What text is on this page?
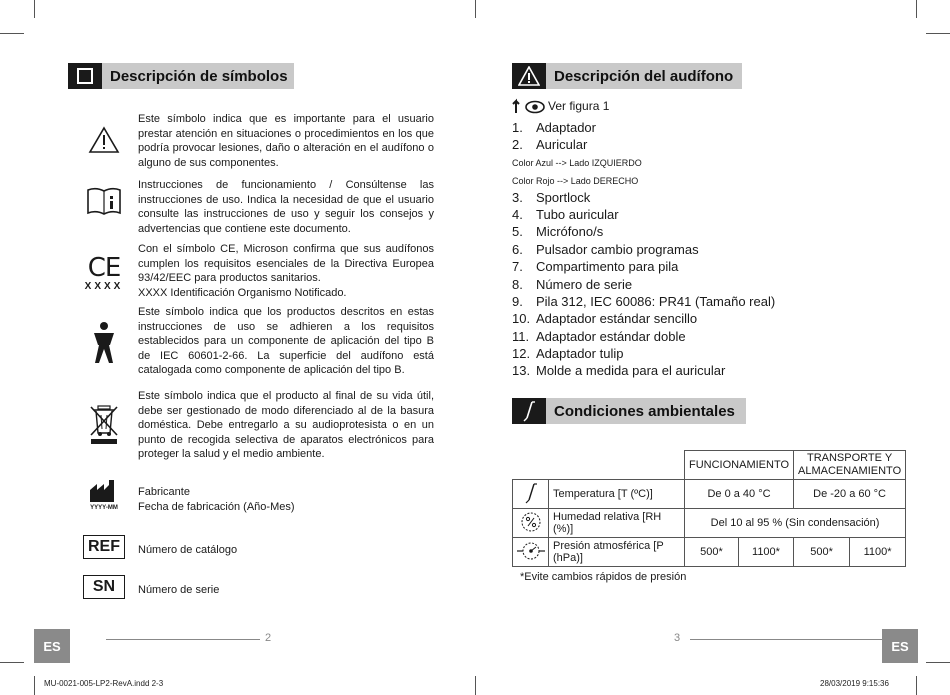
Descripción de símbolos

Este símbolo indica que es importante para el usuario prestar atención en situaciones o procedimientos en los que podría provocar lesiones, daño o alteración en el audífono o alguno de sus componentes.

Instrucciones de funcionamiento / Consúltense las instrucciones de uso. Indica la necesidad de que el usuario consulte las instrucciones de uso y seguir los consejos y advertencias que contiene este documento.

CE
XXXX

Con el símbolo CE, Microson confirma que sus audífonos cumplen los requisitos esenciales de la Directiva Europea 93/42/EEC para productos sanitarios.

XXXX Identificación Organismo Notificado.

Este símbolo indica que los productos descritos en estas instrucciones de uso se adhieren a los requisitos establecidos para un componente de aplicación del tipo B de IEC 60601-2-66. La superficie del audífono está catalogada como componente de aplicación del tipo B.

Este símbolo indica que el producto al final de su vida útil, debe ser gestionado de modo diferenciado al de la basura doméstica. Debe entregarlo a su audioprotesista o en un punto de recogida selectiva de aparatos electrónicos para proteger la salud y el medio ambiente.

YYYY-MM

Fabricante

Fecha de fabricación (Año-Mes)

REF	Número de catálogo

SN	Número de serie

ES
2
MU-0021-005-LP2-RevA.indd 2-3
Descripción del audífono
Ver figura 1
1.	Adaptador
2.	Auricular
Color Azul --> Lado IZQUIERDO
Color Rojo --> Lado DERECHO
3.	Sportlock
4.	Tubo auricular
5.	Micrófono/s
6.	Pulsador cambio programas
7.	Compartimento para pila
8.	Número de serie
9.	Pila 312, IEC 60086: PR41 (Tamaño real)
10. Adaptador estándar sencillo
11. Adaptador estándar doble
12. Adaptador tulip
13. Molde a medida para el auricular
Condiciones ambientales
		FUNCIONAMIENTO		TRANSPORTE Y
ALMACENAMIENTO	
	Temperatura [T (ºC)]	De 0 a 40 °C		De -20 a 60 °C	
	Humedad relativa [RH (%)]	Del 10 al 95 % (Sin condensación)			
	Presión atmosférica [P (hPa)]	500*	1100*	500*	1100*
*Evite cambios rápidos de presión
3
ES
28/03/2019 9:15:36
